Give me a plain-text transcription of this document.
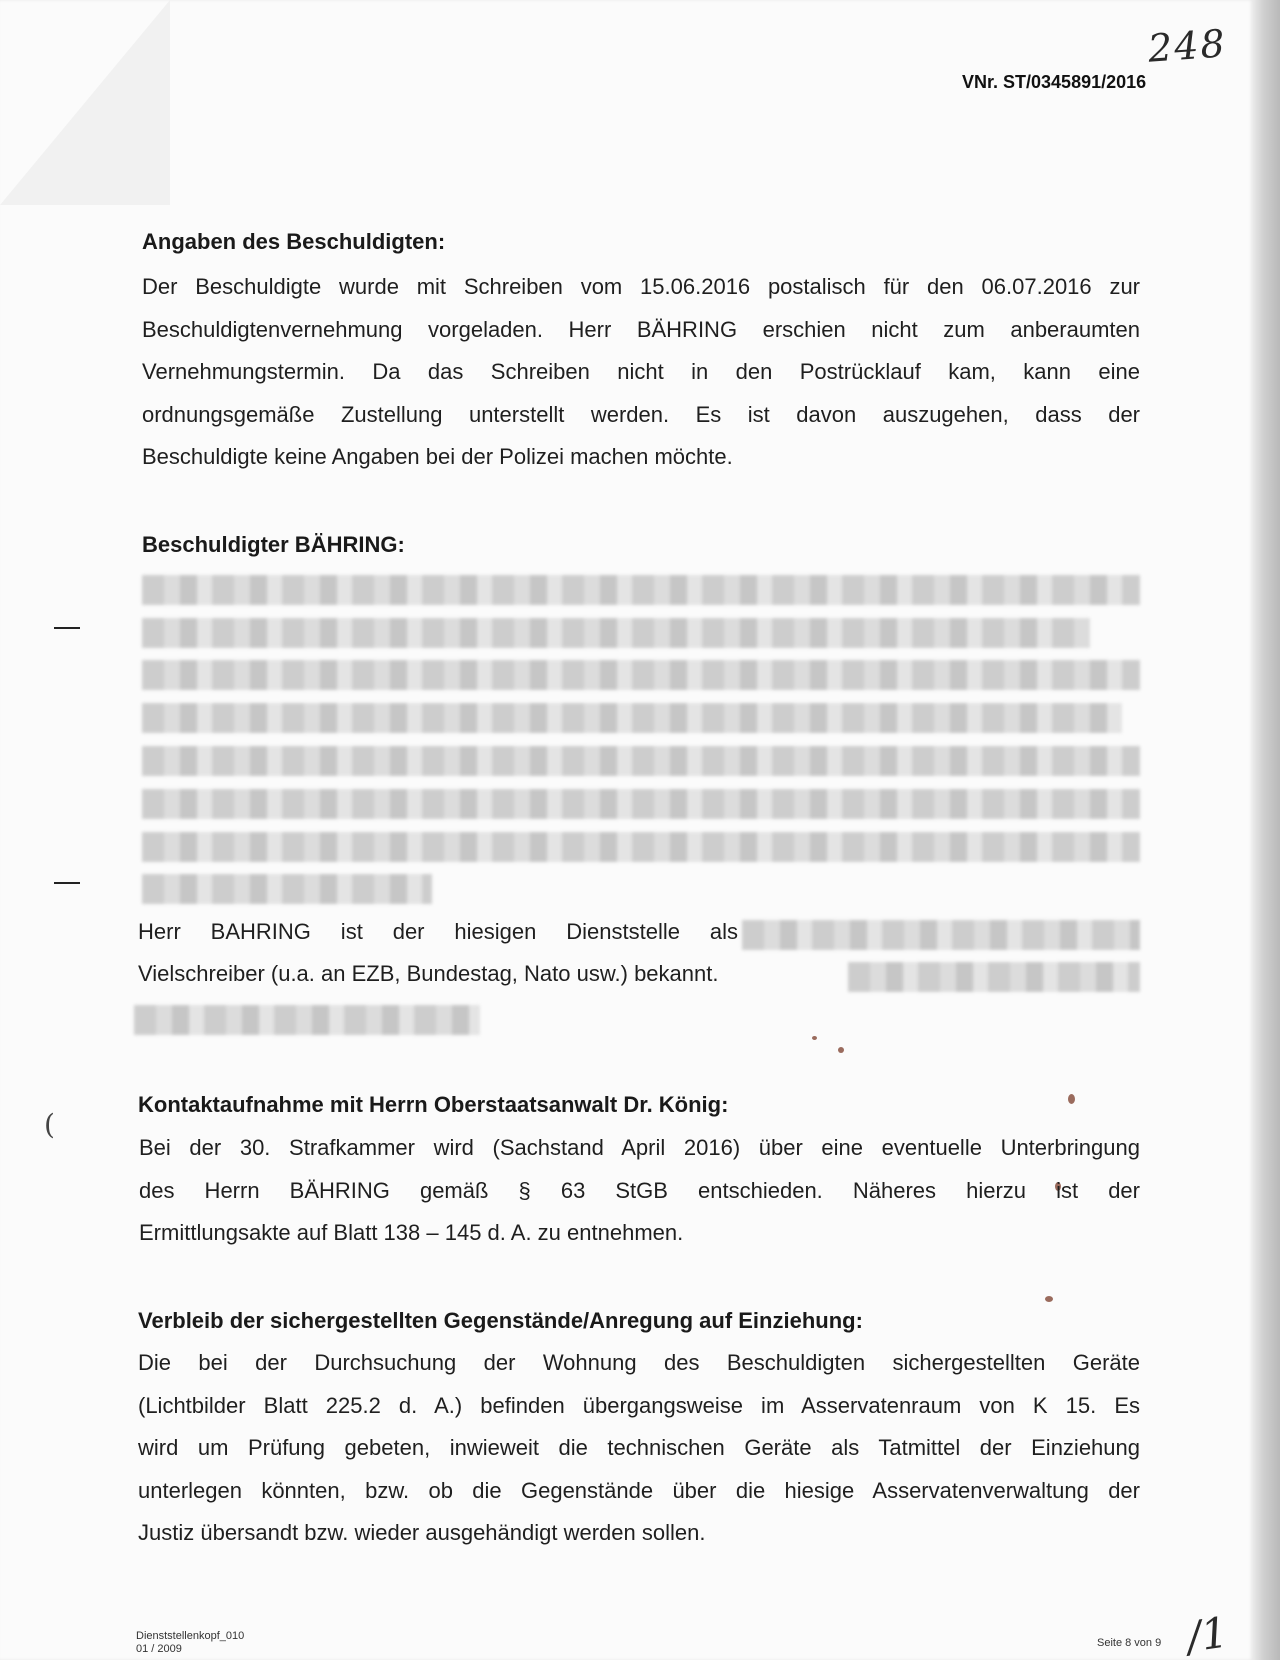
248
VNr. ST/0345891/2016
Angaben des Beschuldigten:
Der Beschuldigte wurde mit Schreiben vom 15.06.2016 postalisch für den 06.07.2016 zur
Beschuldigtenvernehmung vorgeladen. Herr BÄHRING erschien nicht zum anberaumten
Vernehmungstermin. Da das Schreiben nicht in den Postrücklauf kam, kann eine
ordnungsgemäße Zustellung unterstellt werden. Es ist davon auszugehen, dass der
Beschuldigte keine Angaben bei der Polizei machen möchte.
Beschuldigter BÄHRING:
Herr BAHRING ist der hiesigen Dienststelle als
Vielschreiber (u.a. an EZB, Bundestag, Nato usw.) bekannt.
(
Kontaktaufnahme mit Herrn Oberstaatsanwalt Dr. König:
Bei der 30. Strafkammer wird (Sachstand April 2016) über eine eventuelle Unterbringung
des Herrn BÄHRING gemäß § 63 StGB entschieden. Näheres hierzu ist der
Ermittlungsakte auf Blatt 138 – 145 d. A. zu entnehmen.
Verbleib der sichergestellten Gegenstände/Anregung auf Einziehung:
Die bei der Durchsuchung der Wohnung des Beschuldigten sichergestellten Geräte
(Lichtbilder Blatt 225.2 d. A.) befinden übergangsweise im Asservatenraum von K 15. Es
wird um Prüfung gebeten, inwieweit die technischen Geräte als Tatmittel der Einziehung
unterlegen könnten, bzw. ob die Gegenstände über die hiesige Asservatenverwaltung der
Justiz übersandt bzw. wieder ausgehändigt werden sollen.
Dienststellenkopf_010
01 / 2009	Seite 8 von 9 /1
